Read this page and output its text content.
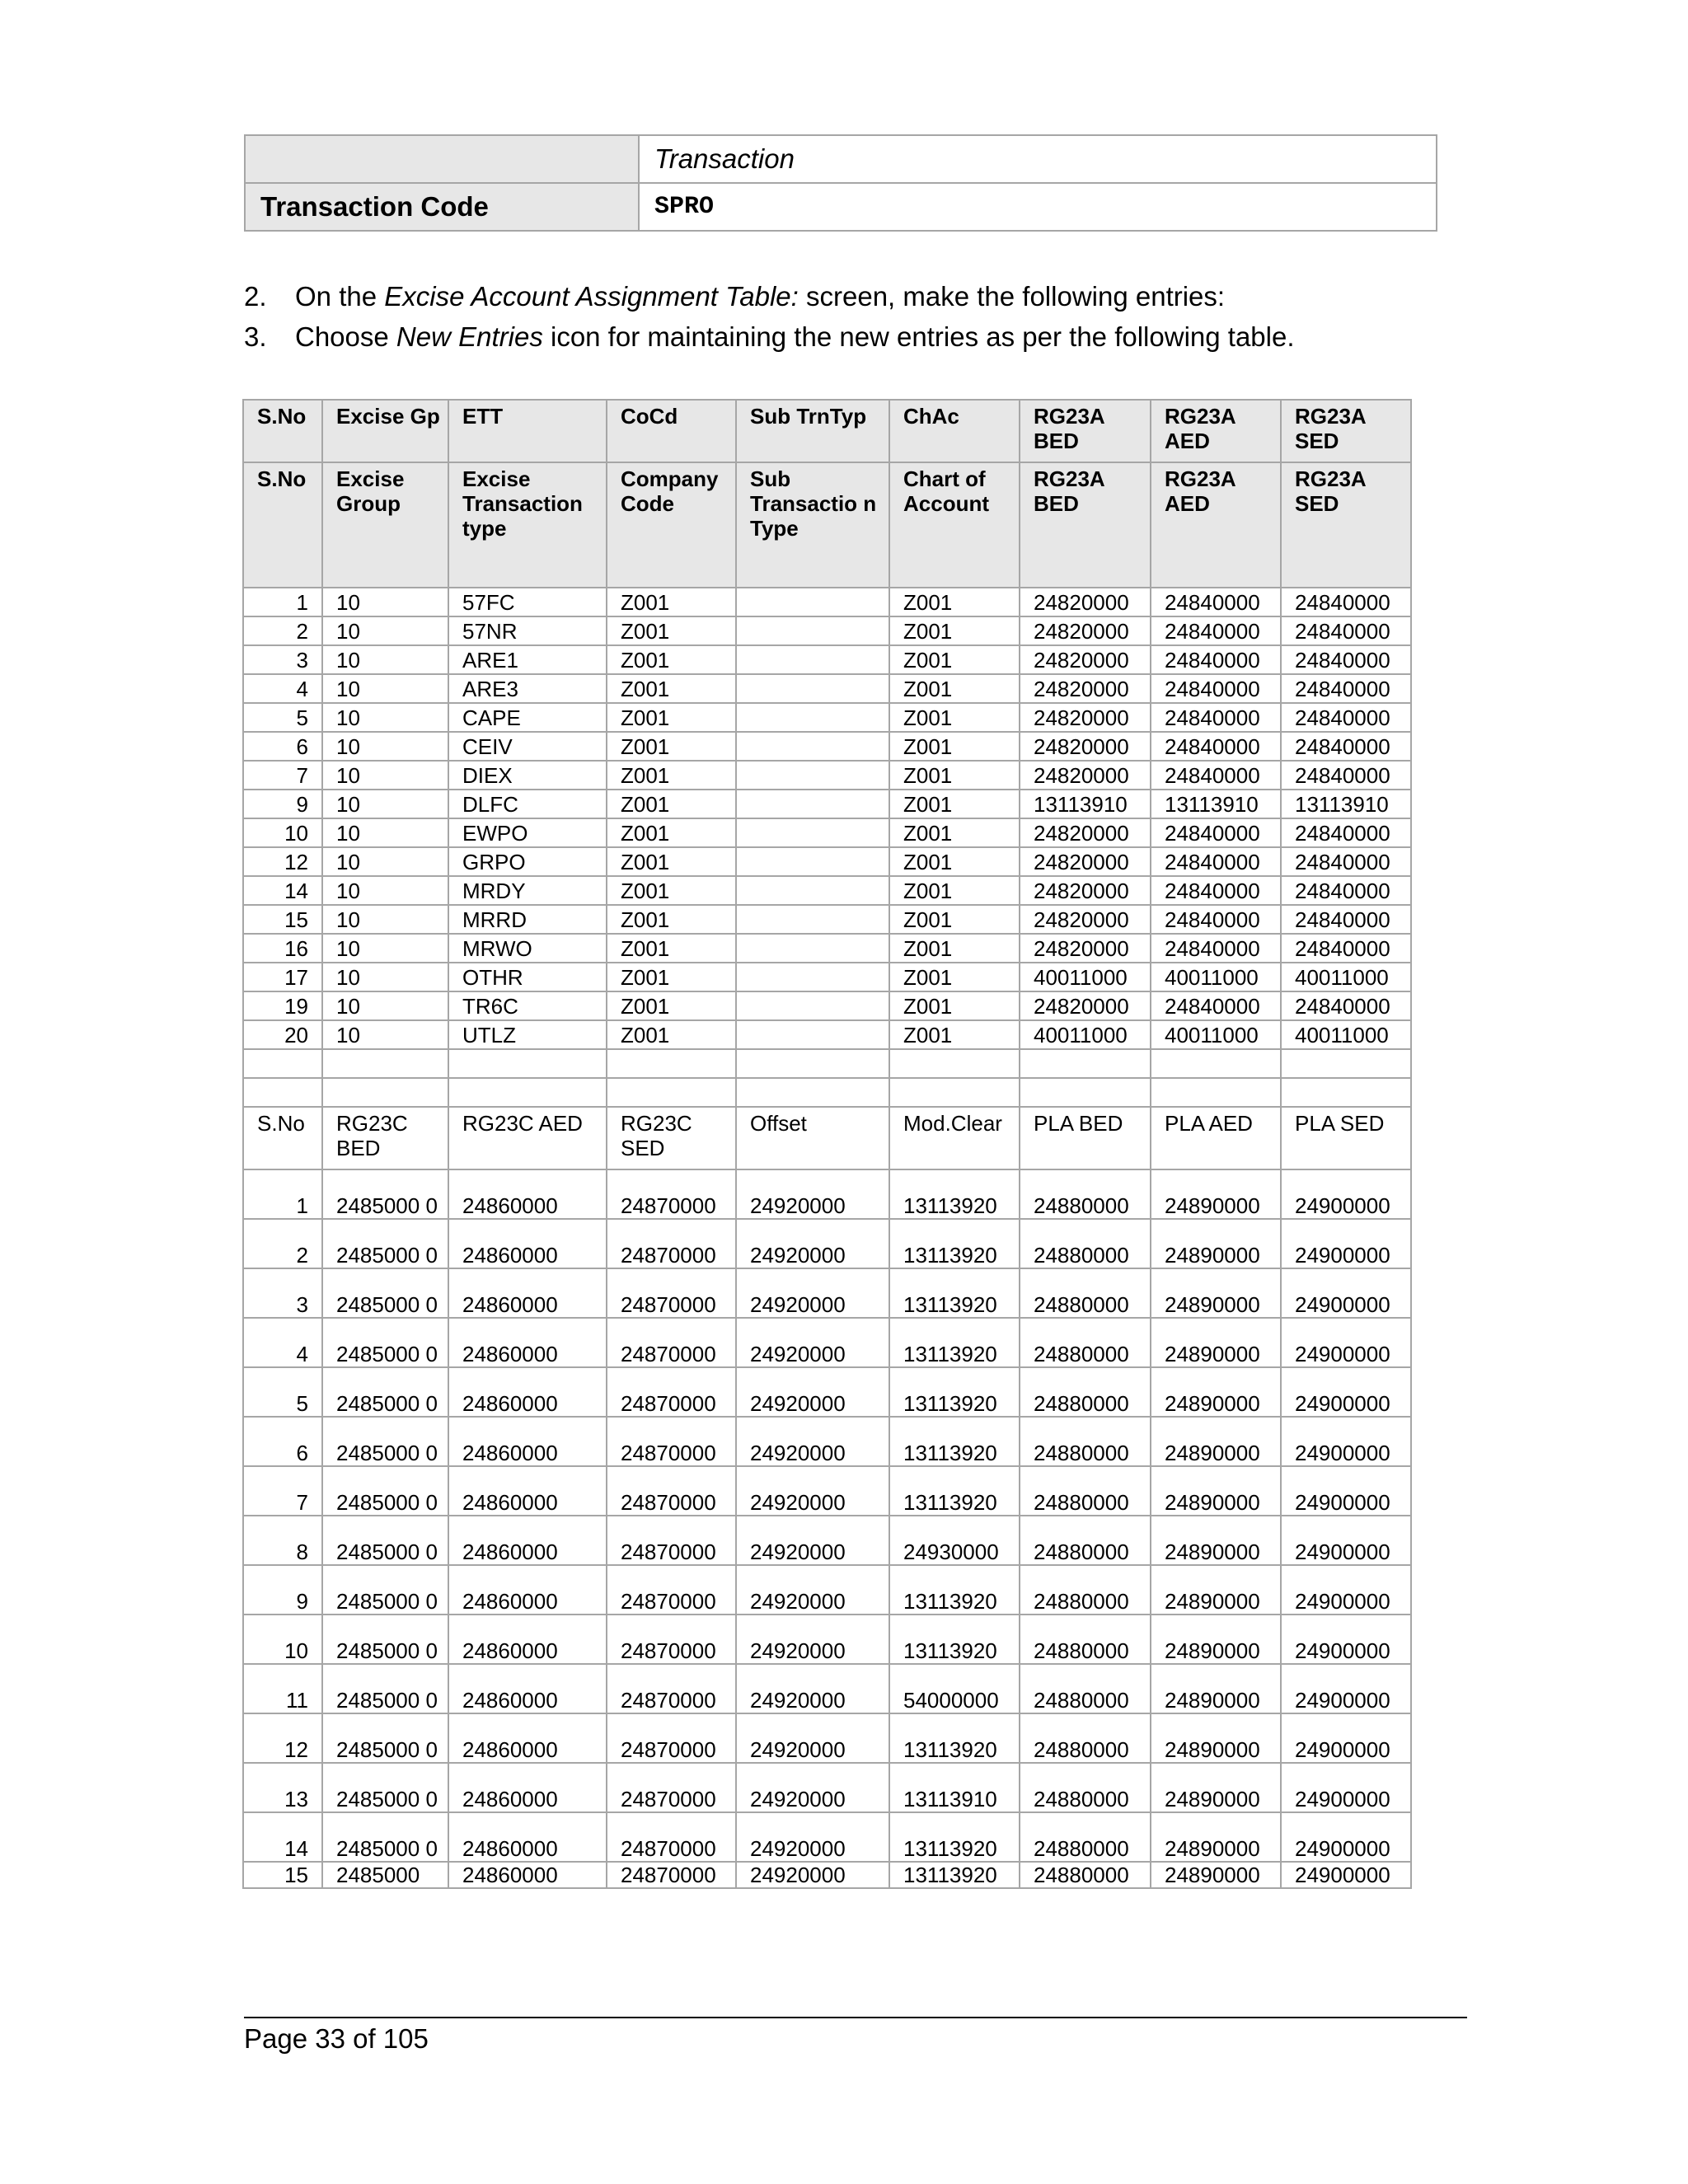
	Transaction
Transaction Code	SPRO
2. On the Excise Account Assignment Table: screen, make the following entries:
3. Choose New Entries icon for maintaining the new entries as per the following table.
S.No	Excise Gp	ETT	CoCd	Sub TrnTyp	ChAc	RG23A BED	RG23A AED	RG23A SED
S.No	Excise Group	Excise Transaction type	Company Code	Sub Transactio n Type	Chart of Account	RG23A BED	RG23A AED	RG23A SED
1	10	57FC	Z001		Z001	24820000	24840000	24840000
2	10	57NR	Z001		Z001	24820000	24840000	24840000
3	10	ARE1	Z001		Z001	24820000	24840000	24840000
4	10	ARE3	Z001		Z001	24820000	24840000	24840000
5	10	CAPE	Z001		Z001	24820000	24840000	24840000
6	10	CEIV	Z001		Z001	24820000	24840000	24840000
7	10	DIEX	Z001		Z001	24820000	24840000	24840000
9	10	DLFC	Z001		Z001	13113910	13113910	13113910
10	10	EWPO	Z001		Z001	24820000	24840000	24840000
12	10	GRPO	Z001		Z001	24820000	24840000	24840000
14	10	MRDY	Z001		Z001	24820000	24840000	24840000
15	10	MRRD	Z001		Z001	24820000	24840000	24840000
16	10	MRWO	Z001		Z001	24820000	24840000	24840000
17	10	OTHR	Z001		Z001	40011000	40011000	40011000
19	10	TR6C	Z001		Z001	24820000	24840000	24840000
20	10	UTLZ	Z001		Z001	40011000	40011000	40011000

S.No	RG23C BED	RG23C AED	RG23C SED	Offset	Mod.Clear	PLA BED	PLA AED	PLA SED
1	2485000 0	24860000	24870000	24920000	13113920	24880000	24890000	24900000
2	2485000 0	24860000	24870000	24920000	13113920	24880000	24890000	24900000
3	2485000 0	24860000	24870000	24920000	13113920	24880000	24890000	24900000
4	2485000 0	24860000	24870000	24920000	13113920	24880000	24890000	24900000
5	2485000 0	24860000	24870000	24920000	13113920	24880000	24890000	24900000
6	2485000 0	24860000	24870000	24920000	13113920	24880000	24890000	24900000
7	2485000 0	24860000	24870000	24920000	13113920	24880000	24890000	24900000
8	2485000 0	24860000	24870000	24920000	24930000	24880000	24890000	24900000
9	2485000 0	24860000	24870000	24920000	13113920	24880000	24890000	24900000
10	2485000 0	24860000	24870000	24920000	13113920	24880000	24890000	24900000
11	2485000 0	24860000	24870000	24920000	54000000	24880000	24890000	24900000
12	2485000 0	24860000	24870000	24920000	13113920	24880000	24890000	24900000
13	2485000 0	24860000	24870000	24920000	13113910	24880000	24890000	24900000
14	2485000 0	24860000	24870000	24920000	13113920	24880000	24890000	24900000
15	2485000	24860000	24870000	24920000	13113920	24880000	24890000	24900000
Page 33 of 105
